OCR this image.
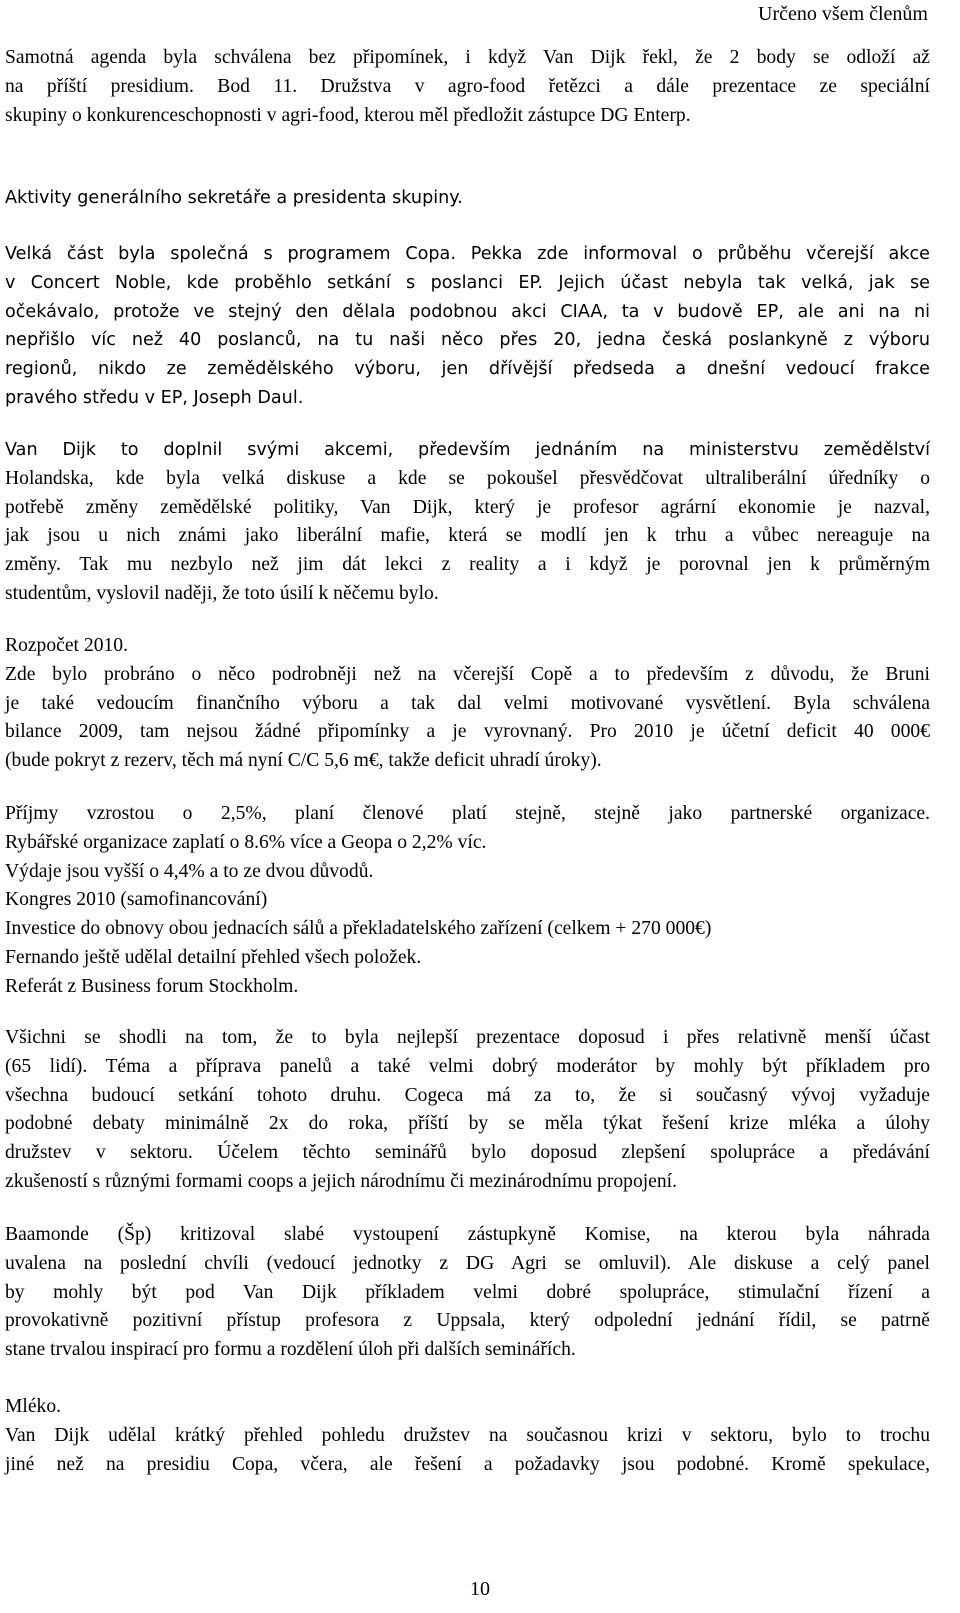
Určeno všem členům
Samotná agenda byla schválena bez připomínek, i když Van Dijk řekl, že 2 body se odloží až
na příští presidium. Bod 11. Družstva v agro-food řetězci a dále prezentace ze speciální
skupiny o konkurenceschopnosti v agri-food, kterou měl předložit zástupce DG Enterp.
Aktivity generálního sekretáře a presidenta skupiny.
Velká část byla společná s programem Copa. Pekka zde informoval o průběhu včerejší akce
v Concert Noble, kde proběhlo setkání s poslanci EP. Jejich účast nebyla tak velká, jak se
očekávalo, protože ve stejný den dělala podobnou akci CIAA, ta v budově EP, ale ani na ni
nepřišlo víc než 40 poslanců, na tu naši něco přes 20, jedna česká poslankyně z výboru
regionů, nikdo ze zemědělského výboru, jen dřívější předseda a dnešní vedoucí frakce
pravého středu v EP, Joseph Daul.
Van Dijk to doplnil svými akcemi, především jednáním na ministerstvu zemědělství
Holandska, kde byla velká diskuse a kde se pokoušel přesvědčovat ultraliberální úředníky o
potřebě změny zemědělské politiky, Van Dijk, který je profesor agrární ekonomie je nazval,
jak jsou u nich známi jako liberální mafie, která se modlí jen k trhu a vůbec nereaguje na
změny. Tak mu nezbylo než jim dát lekci z reality a i když je porovnal jen k průměrným
studentům, vyslovil naději, že toto úsilí k něčemu bylo.
Rozpočet 2010.
Zde bylo probráno o něco podrobněji než na včerejší Copě a to především z důvodu, že Bruni
je také vedoucím finančního výboru a tak dal velmi motivované vysvětlení. Byla schválena
bilance 2009, tam nejsou žádné připomínky a je vyrovnaný. Pro 2010 je účetní deficit 40 000€
(bude pokryt z rezerv, těch má nyní C/C 5,6 m€, takže deficit uhradí úroky).
Příjmy vzrostou o 2,5%, planí členové platí stejně, stejně jako partnerské organizace.
Rybářské organizace zaplatí o 8.6% více a Geopa o 2,2% víc.
Výdaje jsou vyšší o 4,4% a to ze dvou důvodů.
Kongres 2010 (samofinancování)
Investice do obnovy obou jednacích sálů a překladatelského zařízení (celkem + 270 000€)
Fernando ještě udělal detailní přehled všech položek.
Referát z Business forum Stockholm.
Všichni se shodli na tom, že to byla nejlepší prezentace doposud i přes relativně menší účast
(65 lidí). Téma a příprava panelů a také velmi dobrý moderátor by mohly být příkladem pro
všechna budoucí setkání tohoto druhu. Cogeca má za to, že si současný vývoj vyžaduje
podobné debaty minimálně 2x do roka, příští by se měla týkat řešení krize mléka a úlohy
družstev v sektoru. Účelem těchto seminářů bylo doposud zlepšení spolupráce a předávání
zkušeností s různými formami coops a jejich národnímu či mezinárodnímu propojení.
Baamonde (Šp) kritizoval slabé vystoupení zástupkyně Komise, na kterou byla náhrada
uvalena na poslední chvíli (vedoucí jednotky z DG Agri se omluvil). Ale diskuse a celý panel
by mohly být pod Van Dijk příkladem velmi dobré spolupráce, stimulační řízení a
provokativně pozitivní přístup profesora z Uppsala, který odpolední jednání řídil, se patrně
stane trvalou inspirací pro formu a rozdělení úloh při dalších seminářích.
Mléko.
Van Dijk udělal krátký přehled pohledu družstev na současnou krizi v sektoru, bylo to trochu
jiné než na presidiu Copa, včera, ale řešení a požadavky jsou podobné. Kromě spekulace,
10
